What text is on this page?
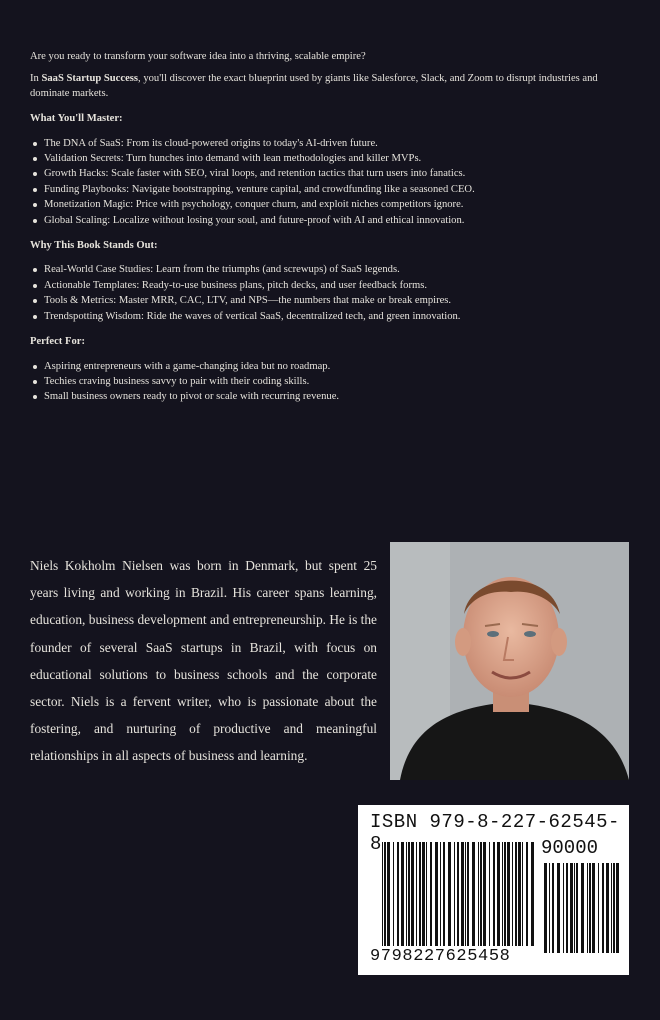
Are you ready to transform your software idea into a thriving, scalable empire?

In SaaS Startup Success, you'll discover the exact blueprint used by giants like Salesforce, Slack, and Zoom to disrupt industries and dominate markets.

What You'll Master:
The DNA of SaaS: From its cloud-powered origins to today's AI-driven future.
Validation Secrets: Turn hunches into demand with lean methodologies and killer MVPs.
Growth Hacks: Scale faster with SEO, viral loops, and retention tactics that turn users into fanatics.
Funding Playbooks: Navigate bootstrapping, venture capital, and crowdfunding like a seasoned CEO.
Monetization Magic: Price with psychology, conquer churn, and exploit niches competitors ignore.
Global Scaling: Localize without losing your soul, and future-proof with AI and ethical innovation.
Why This Book Stands Out:
Real-World Case Studies: Learn from the triumphs (and screwups) of SaaS legends.
Actionable Templates: Ready-to-use business plans, pitch decks, and user feedback forms.
Tools & Metrics: Master MRR, CAC, LTV, and NPS—the numbers that make or break empires.
Trendspotting Wisdom: Ride the waves of vertical SaaS, decentralized tech, and green innovation.
Perfect For:
Aspiring entrepreneurs with a game-changing idea but no roadmap.
Techies craving business savvy to pair with their coding skills.
Small business owners ready to pivot or scale with recurring revenue.
Niels Kokholm Nielsen was born in Denmark, but spent 25 years living and working in Brazil. His career spans learning, education, business development and entrepreneurship. He is the founder of several SaaS startups in Brazil, with focus on educational solutions to business schools and the corporate sector. Niels is a fervent writer, who is passionate about the fostering, and nurturing of productive and meaningful relationships in all aspects of business and learning.
ISBN 979-8-227-62545-8	90000
9798227625458
